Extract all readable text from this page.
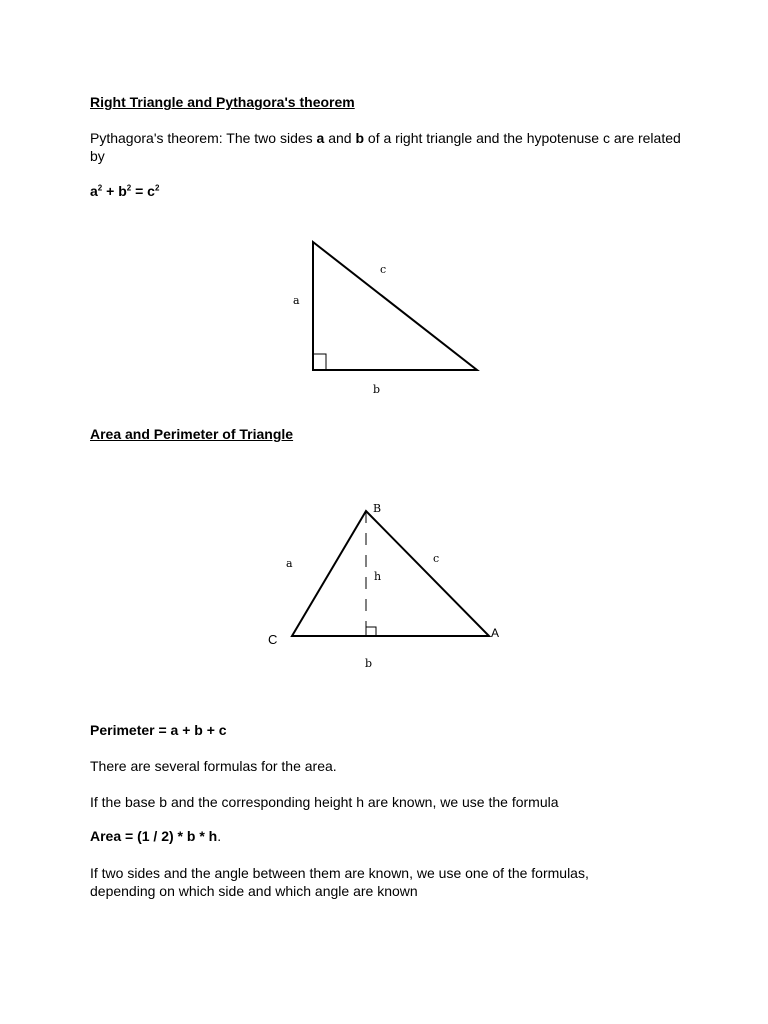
Right Triangle and Pythagora's theorem
Pythagora's theorem: The two sides a and b of a right triangle and the hypotenuse c are related by
$a^2 + b^2 = c^2$
a
c
b
B
A
C
a	c
h
b
Area and Perimeter of Triangle
Perimeter = a + b + c
There are several formulas for the area.
If the base b and the corresponding height h are known, we use the formula
Area = (1 / 2) * b * h.
If two sides and the angle between them are known, we use one of the formulas, depending on which side and which angle are known
